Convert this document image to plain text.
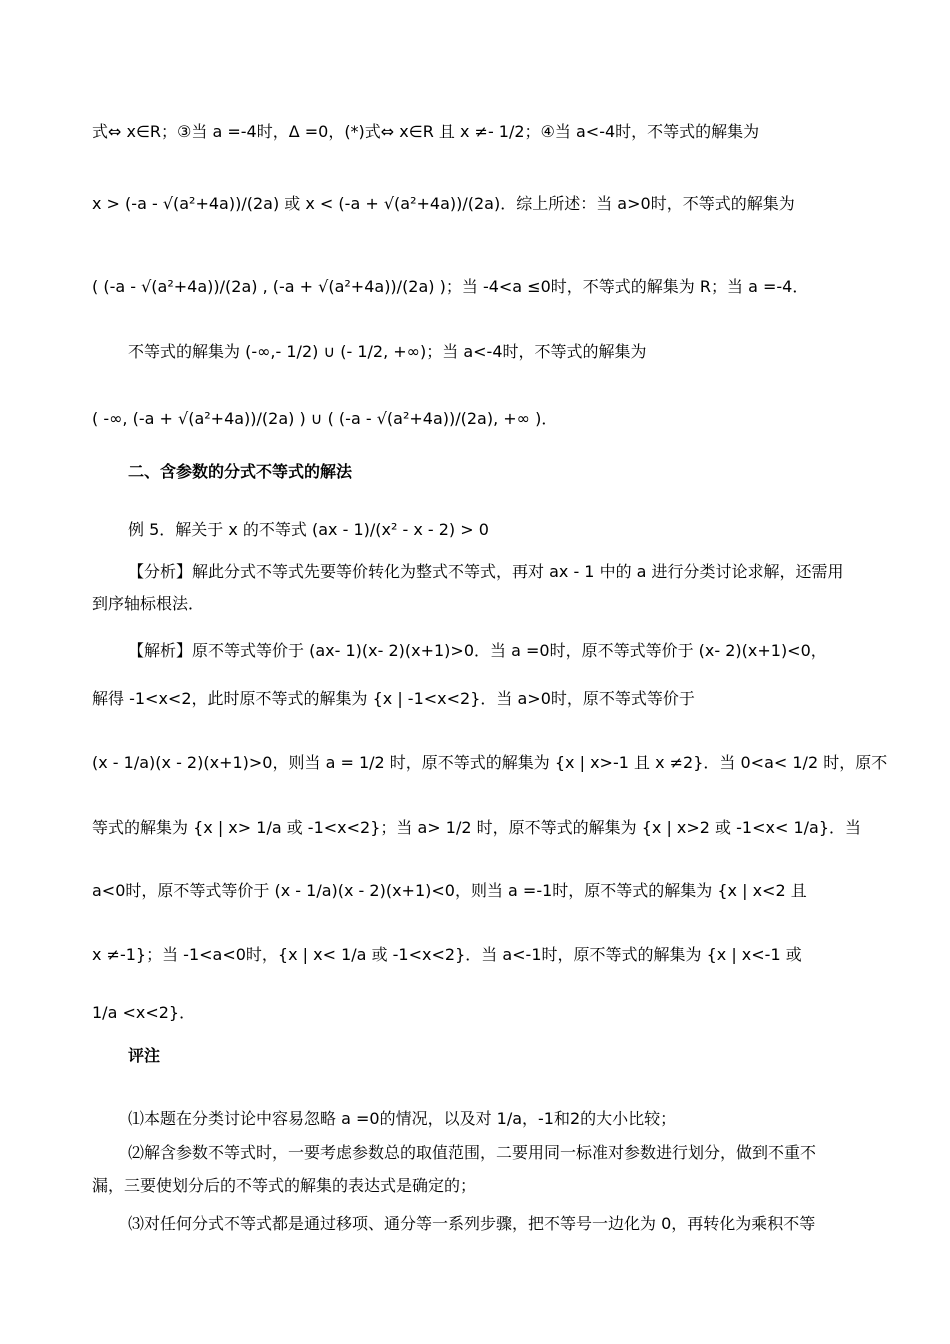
式⇔ x∈R；③当 a =-4时，Δ =0，(*)式⇔ x∈R 且 x ≠- 1/2；④当 a<-4时，不等式的解集为
x > (-a - √(a²+4a))/(2a) 或 x < (-a + √(a²+4a))/(2a)．综上所述：当 a>0时，不等式的解集为
( (-a - √(a²+4a))/(2a) , (-a + √(a²+4a))/(2a) )；当 -4<a ≤0时，不等式的解集为 R；当 a =-4．
不等式的解集为 (-∞,- 1/2) ∪ (- 1/2, +∞)；当 a<-4时，不等式的解集为
( -∞, (-a + √(a²+4a))/(2a) ) ∪ ( (-a - √(a²+4a))/(2a), +∞ )．
二、含参数的分式不等式的解法
例 5．解关于 x 的不等式 (ax - 1)/(x² - x - 2) > 0
【分析】解此分式不等式先要等价转化为整式不等式，再对 ax - 1 中的 a 进行分类讨论求解，还需用
到序轴标根法．
【解析】原不等式等价于 (ax- 1)(x- 2)(x+1)>0．当 a =0时，原不等式等价于 (x- 2)(x+1)<0，
解得 -1<x<2，此时原不等式的解集为 {x | -1<x<2}．当 a>0时，原不等式等价于
(x - 1/a)(x - 2)(x+1)>0，则当 a = 1/2 时，原不等式的解集为 {x | x>-1 且 x ≠2}．当 0<a< 1/2 时，原不
等式的解集为 {x | x> 1/a 或 -1<x<2}；当 a> 1/2 时，原不等式的解集为 {x | x>2 或 -1<x< 1/a}．当
a<0时，原不等式等价于 (x - 1/a)(x - 2)(x+1)<0，则当 a =-1时，原不等式的解集为 {x | x<2 且
x ≠-1}；当 -1<a<0时，{x | x< 1/a 或 -1<x<2}．当 a<-1时，原不等式的解集为 {x | x<-1 或
1/a <x<2}．
评注
⑴本题在分类讨论中容易忽略 a =0的情况，以及对 1/a，-1和2的大小比较；
⑵解含参数不等式时，一要考虑参数总的取值范围，二要用同一标准对参数进行划分，做到不重不
漏，三要使划分后的不等式的解集的表达式是确定的；
⑶对任何分式不等式都是通过移项、通分等一系列步骤，把不等号一边化为 0，再转化为乘积不等
